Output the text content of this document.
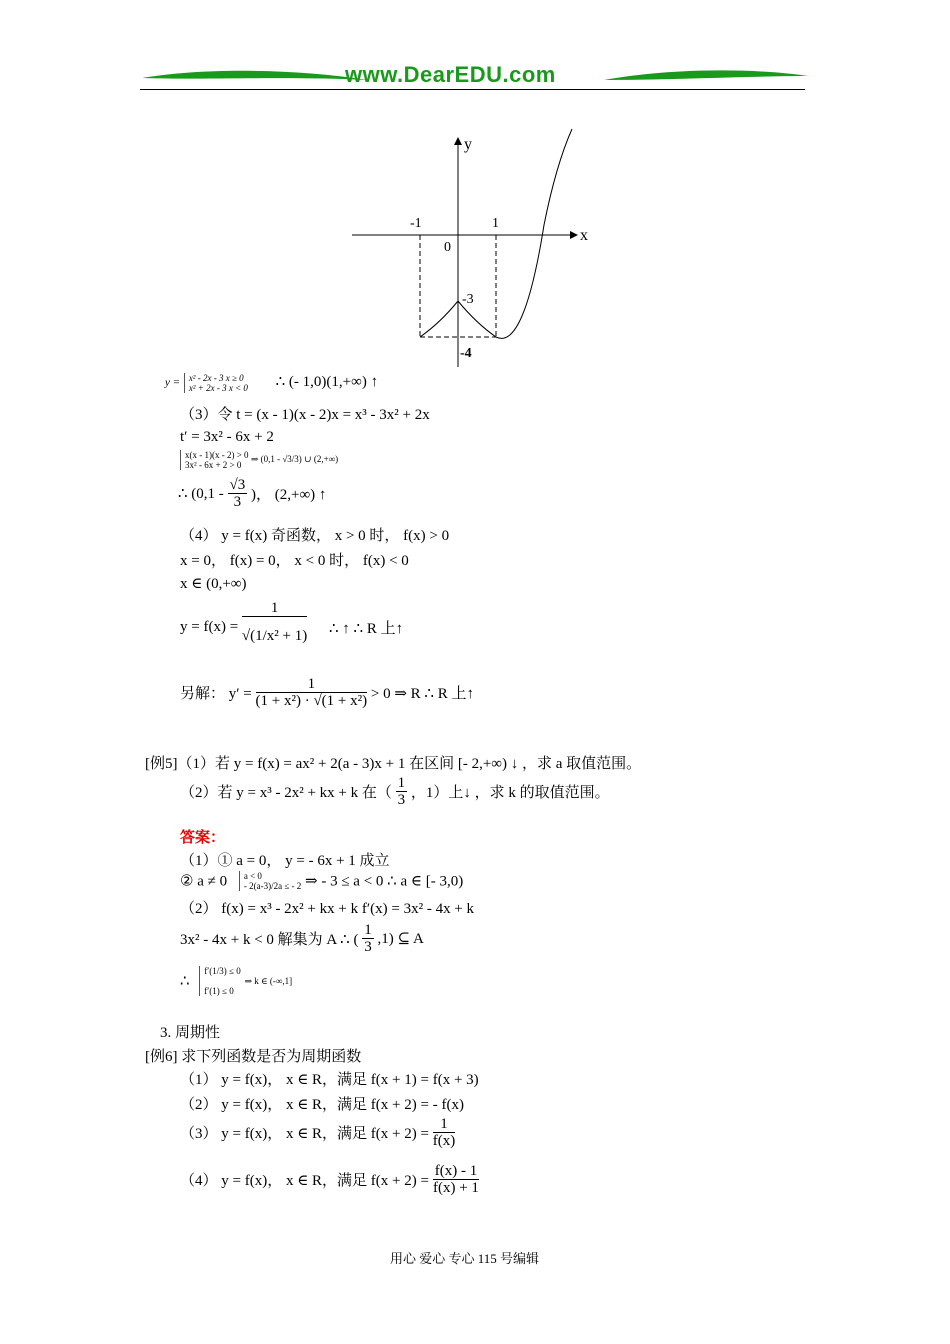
www.DearEDU.com
y
x
-1	1
0
-3
-4
y = x² - 2x - 3 x ≥ 0
x² + 2x - 3 x < 0 ∴ (- 1,0)(1,+∞) ↑
（3）令 t = (x - 1)(x - 2)x = x³ - 3x² + 2x
t′ = 3x² - 6x + 2
x(x - 1)(x - 2) > 0
3x² - 6x + 2 > 0 ⇒ (0,1 - √3/3) ∪ (2,+∞)
∴ ($0,1 - \frac{√3}{3}$ )， (2,+∞) ↑
（4） y = f(x) 奇函数， x > 0 时， f(x) > 0
x = 0， f(x) = 0， x < 0 时， f(x) < 0
x ∈ (0,+∞)
$y = f(x) = \frac{1}{\text{√(1/x² + 1)}}$ ∴ ↑ ∴ R 上↑
另解： $y' = \frac{1}{\text{(1 + x²) · √(1 + x²)}} > 0$ ⇒ R ∴ R 上↑
[例5]（1）若 y = f(x) = ax² + 2(a - 3)x + 1 在区间 [- 2,+∞) ↓ ，求 a 取值范围。
（2）若 y = x³ - 2x² + kx + k 在（ $\frac{1}{3}$ ，1）上↓ ，求 k 的取值范围。
答案：
（1）① a = 0， y = - 6x + 1 成立
② a ≠ 0 a < 0
- 2(a-3)/2a ≤ - 2 ⇒ - 3 ≤ a < 0 ∴ a ∈ [- 3,0)
（2） f(x) = x³ - 2x² + kx + k f′(x) = 3x² - 4x + k
3x² - 4x + k < 0 解集为 A ∴ ( $\frac{1}{3} ,1$) ⊆ A
∴ f′(1/3) ≤ 0

f′(1) ≤ 0 ⇒ k ∈ (-∞,1]
3. 周期性
[例6] 求下列函数是否为周期函数
（1） y = f(x)， x ∈ R，满足 f(x + 1) = f(x + 3)
（2） y = f(x)， x ∈ R，满足 f(x + 2) = - f(x)
（3） y = f(x)， x ∈ R，满足 $f(x + 2) = \frac{1}{f(x)}$
（4） y = f(x)， x ∈ R，满足 $f(x + 2) = \frac{f(x) - 1}{f(x) + 1}$
用心 爱心 专心 115 号编辑
